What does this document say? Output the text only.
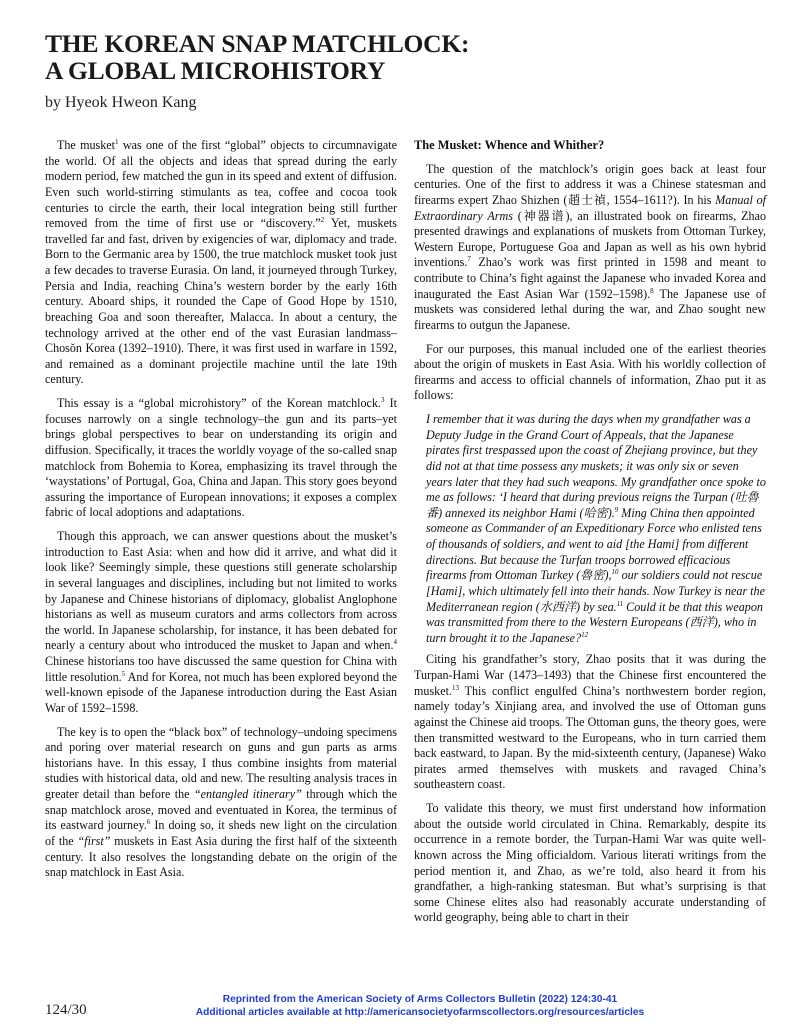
THE KOREAN SNAP MATCHLOCK:
A GLOBAL MICROHISTORY

by Hyeok Hweon Kang

The musket$^1$ was one of the first “global” objects to circumnavigate the world. Of all the objects and ideas that spread during the early modern period, few matched the gun in its speed and extent of diffusion. Even such world-stirring stimulants as tea, coffee and cocoa took centuries to circle the earth, their local integration being still further removed from the time of first use or “discovery.”$^2$ Yet, muskets travelled far and fast, driven by exigencies of war, diplomacy and trade. Born to the Germanic area by 1500, the true matchlock musket took just a few decades to traverse Eurasia. On land, it journeyed through Turkey, Persia and India, reaching China’s western border by the early 16th century. Aboard ships, it rounded the Cape of Good Hope by 1510, breaching Goa and soon thereafter, Malacca. In about a century, the technology arrived at the other end of the vast Eurasian landmass–Chosŏn Korea (1392–1910). There, it was first used in warfare in 1592, and remained as a dominant projectile machine until the late 19th century.

This essay is a “global microhistory” of the Korean matchlock.$^3$ It focuses narrowly on a single technology–the gun and its parts–yet brings global perspectives to bear on understanding its origin and diffusion. Specifically, it traces the worldly voyage of the so-called snap matchlock from Bohemia to Korea, emphasizing its travel through the ‘waystations’ of Portugal, Goa, China and Japan. This story goes beyond assuring the importance of European innovations; it exposes a complex fabric of local adoptions and adaptations.

Though this approach, we can answer questions about the musket’s introduction to East Asia: when and how did it arrive, and what did it look like? Seemingly simple, these questions still generate scholarship in several languages and disciplines, including but not limited to works by Japanese and Chinese historians of diplomacy, globalist Anglophone historians as well as museum curators and arms collectors from across the world. In Japanese scholarship, for instance, it has been debated for nearly a century about who introduced the musket to Japan and when.$^4$ Chinese historians too have discussed the same question for China with little resolution.$^5$ And for Korea, not much has been explored beyond the well-known episode of the Japanese introduction during the East Asian War of 1592–1598.

The key is to open the “black box” of technology–undoing specimens and poring over material research on guns and gun parts as arms historians have. In this essay, I thus combine insights from material studies with historical data, old and new. The resulting analysis traces in greater detail than before the “entangled itinerary” through which the snap matchlock arose, moved and eventuated in Korea, the terminus of its eastward journey.$^6$ In doing so, it sheds new light on the circulation of the “first” muskets in East Asia during the first half of the sixteenth century. It also resolves the longstanding debate on the origin of the snap matchlock in East Asia.

The Musket: Whence and Whither?

The question of the matchlock’s origin goes back at least four centuries. One of the first to address it was a Chinese statesman and firearms expert Zhao Shizhen (趙士禎, 1554–1611?). In his Manual of Extraordinary Arms (神器谱), an illustrated book on firearms, Zhao presented drawings and explanations of muskets from Ottoman Turkey, Western Europe, Portuguese Goa and Japan as well as his own hybrid inventions.$^7$ Zhao’s work was first printed in 1598 and meant to contribute to China’s fight against the Japanese who invaded Korea and inaugurated the East Asian War (1592–1598).$^8$ The Japanese use of muskets was considered lethal during the war, and Zhao sought new firearms to outgun the Japanese.

For our purposes, this manual included one of the earliest theories about the origin of muskets in East Asia. With his worldly collection of firearms and access to official channels of information, Zhao put it as follows:

I remember that it was during the days when my grandfather was a Deputy Judge in the Grand Court of Appeals, that the Japanese pirates first trespassed upon the coast of Zhejiang province, but they did not at that time possess any muskets; it was only six or seven years later that they had such weapons. My grandfather once spoke to me as follows: ‘I heard that during previous reigns the Turpan (吐魯番) annexed its neighbor Hami (哈密).$^9$ Ming China then appointed someone as Commander of an Expeditionary Force who enlisted tens of thousands of soldiers, and went to aid [the Hami] from different directions. But because the Turfan troops borrowed efficacious firearms from Ottoman Turkey (魯密),$^{10}$ our soldiers could not rescue [Hami], which ultimately fell into their hands. Now Turkey is near the Mediterranean region (水西洋) by sea.$^{11}$ Could it be that this weapon was transmitted from there to the Western Europeans (西洋), who in turn brought it to the Japanese?$^{12}$

Citing his grandfather’s story, Zhao posits that it was during the Turpan-Hami War (1473–1493) that the Chinese first encountered the musket.$^{13}$ This conflict engulfed China’s northwestern border region, namely today’s Xinjiang area, and involved the use of Ottoman guns against the Chinese aid troops. The Ottoman guns, the theory goes, were then transmitted westward to the Europeans, who in turn carried them back eastward, to Japan. By the mid-sixteenth century, (Japanese) Wako pirates armed themselves with muskets and ravaged China’s southeastern coast.

To validate this theory, we must first understand how information about the outside world circulated in China. Remarkably, despite its occurrence in a remote border, the Turpan-Hami War was quite well-known across the Ming officialdom. Various literati writings from the period mention it, and Zhao, as we’re told, also heard it from his grandfather, a high-ranking statesman. But what’s surprising is that some Chinese elites also had reasonably accurate understanding of world geography, being able to chart in their

124/30
Reprinted from the American Society of Arms Collectors Bulletin (2022) 124:30-41
Additional articles available at http://americansocietyofarmscollectors.org/resources/articles
